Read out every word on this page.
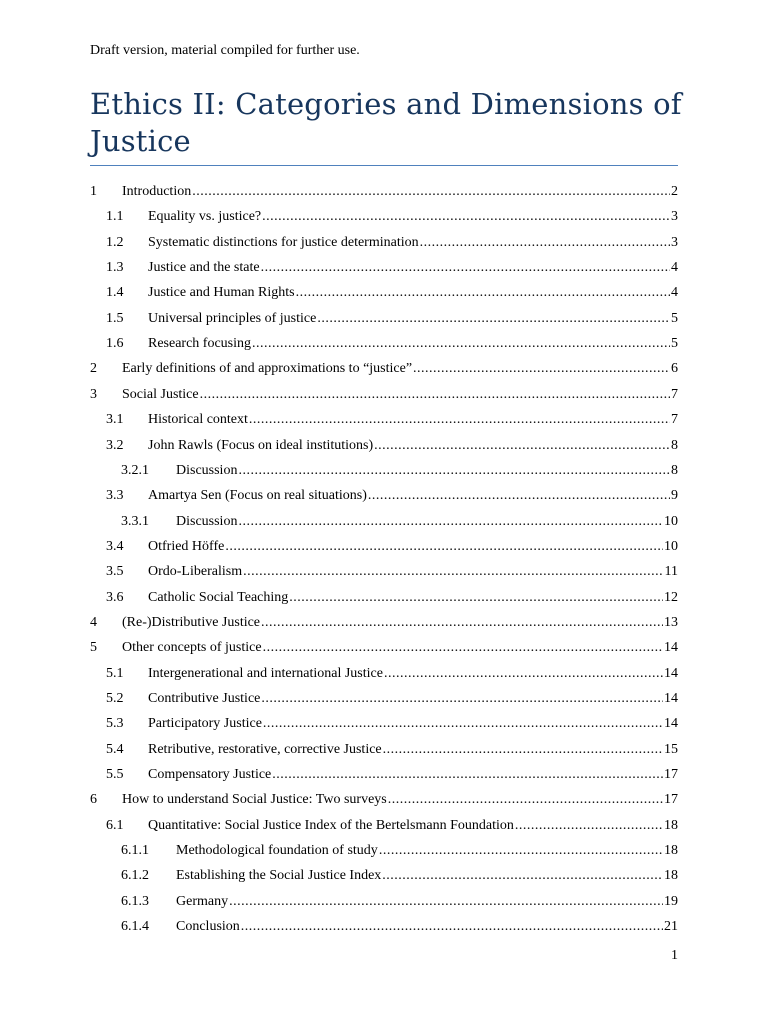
Draft version, material compiled for further use.
Ethics II: Categories and Dimensions of Justice
1	Introduction .....	2
1.1	Equality vs. justice? .....	3
1.2	Systematic distinctions for justice determination .....	3
1.3	Justice and the state .....	4
1.4	Justice and Human Rights .....	4
1.5	Universal principles of justice .....	5
1.6	Research focusing .....	5
2	Early definitions of and approximations to “justice” .....	6
3	Social Justice .....	7
3.1	Historical context .....	7
3.2	John Rawls (Focus on ideal institutions) .....	8
3.2.1	Discussion .....	8
3.3	Amartya Sen (Focus on real situations) .....	9
3.3.1	Discussion .....	10
3.4	Otfried Höffe .....	10
3.5	Ordo-Liberalism .....	11
3.6	Catholic Social Teaching .....	12
4	(Re-)Distributive Justice .....	13
5	Other concepts of justice .....	14
5.1	Intergenerational and international Justice .....	14
5.2	Contributive Justice .....	14
5.3	Participatory Justice .....	14
5.4	Retributive, restorative, corrective Justice .....	15
5.5	Compensatory Justice .....	17
6	How to understand Social Justice: Two surveys .....	17
6.1	Quantitative: Social Justice Index of the Bertelsmann Foundation .....	18
6.1.1	Methodological foundation of study .....	18
6.1.2	Establishing the Social Justice Index .....	18
6.1.3	Germany .....	19
6.1.4	Conclusion .....	21
1
